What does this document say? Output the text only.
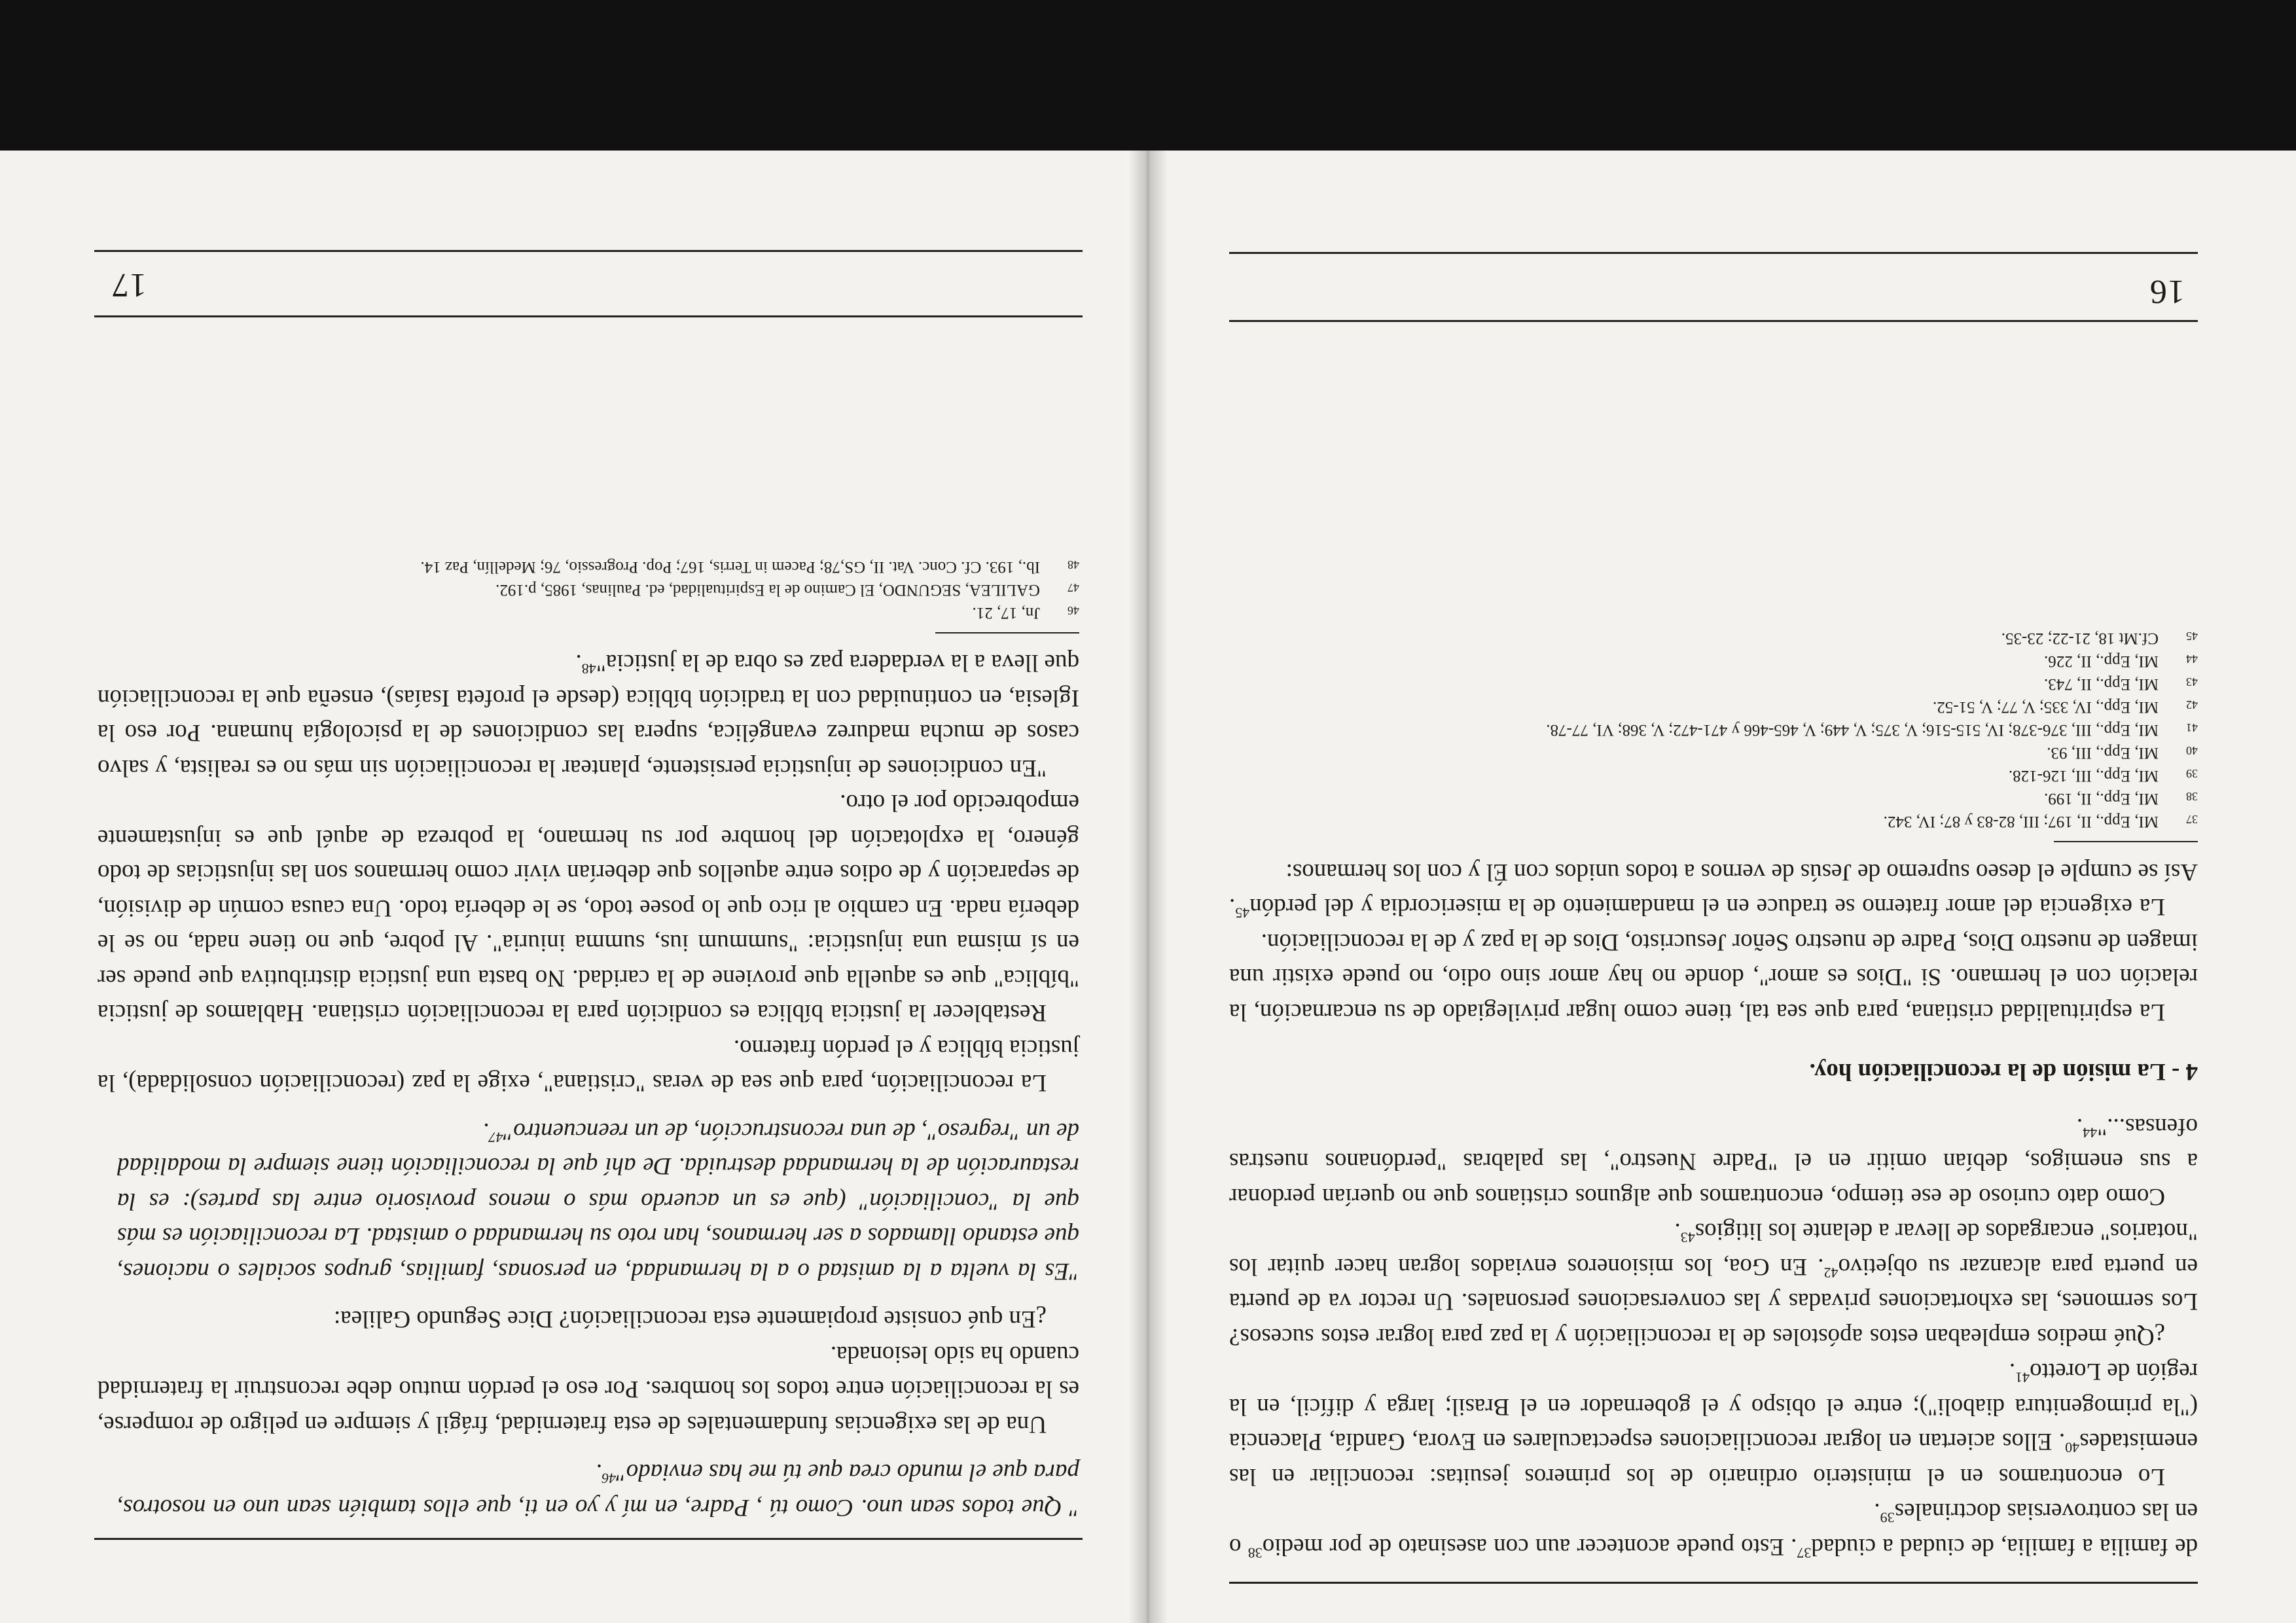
de familia a familia, de ciudad a ciudad$^{37}$. Esto puede acontecer aun con asesinato de por medio$^{38}$ o en las controversias doctrinales$^{39}$.

Lo encontramos en el ministerio ordinario de los primeros jesuitas: reconciliar en las enemistades$^{40}$. Ellos aciertan en lograr reconciliaciones espectaculares en Evora, Gandía, Placencia ("la primogenitura diaboli"); entre el obispo y el gobernador en el Brasil; larga y difícil, en la región de Loretto$^{41}$.

¿Qué medios empleaban estos apóstoles de la reconciliación y la paz para lograr estos sucesos? Los sermones, las exhortaciones privadas y las conversaciones personales. Un rector va de puerta en puerta para alcanzar su objetivo$^{42}$. En Goa, los misioneros enviados logran hacer quitar los "notarios" encargados de llevar a delante los litigios$^{43}$.

Como dato curioso de ese tiempo, encontramos que algunos cristianos que no querían perdonar a sus enemigos, debían omitir en el "Padre Nuestro", las palabras "perdónanos nuestras ofensas..."$^{44}$.

4 - La misión de la reconciliación hoy.

La espiritualidad cristiana, para que sea tal, tiene como lugar privilegiado de su encarnación, la relación con el hermano. Si "Dios es amor", donde no hay amor sino odio, no puede existir una imagen de nuestro Dios, Padre de nuestro Señor Jesucristo, Dios de la paz y de la reconciliación.

La exigencia del amor fraterno se traduce en el mandamiento de la misericordia y del perdón$^{45}$. Así se cumple el deseo supremo de Jesús de vernos a todos unidos con Él y con los hermanos:

37
MI, Epp., II, 197; III, 82-83 y 87; IV, 342.
38
MI, Epp., II, 199.
39
MI, Epp., III, 126-128.
40
MI, Epp., III, 93.
41
MI, Epp., III, 376-378; IV, 515-516; V, 375; V, 449; V, 465-466 y 471-472; V, 368; VI, 77-78.
42
MI, Epp., IV, 335; V, 77; V, 51-52.
43
MI, Epp., II, 743.
44
MI, Epp., II, 226.
45
Cf.Mt 18, 21-22; 23-35.
16

" Que todos sean uno. Como tú , Padre, en mí y yo en ti, que ellos también sean uno en nosotros, para que el mundo crea que tú me has enviado"$^{46}$.

Una de las exigencias fundamentales de esta fraternidad, frágil y siempre en peligro de romperse, es la reconciliación entre todos los hombres. Por eso el perdón mutuo debe reconstruir la fraternidad cuando ha sido lesionada.

¿En qué consiste propiamente esta reconciliación? Dice Segundo Galilea:

"Es la vuelta a la amistad o a la hermandad, en personas, familias, grupos sociales o naciones, que estando llamados a ser hermanos, han roto su hermandad o amistad. La reconciliación es más que la "conciliación" (que es un acuerdo más o menos provisorio entre las partes): es la restauración de la hermandad destruida. De ahí que la reconciliación tiene siempre la modalidad de un "regreso", de una reconstrucción, de un reencuentro"$^{47}$.

La reconciliación, para que sea de veras "cristiana", exige la paz (reconciliación consolidada), la justicia bíblica y el perdón fraterno.

Restablecer la justicia bíblica es condición para la reconciliación cristiana. Hablamos de justicia "bíblica" que es aquella que proviene de la caridad. No basta una justicia distributiva que puede ser en sí misma una injusticia: "summum ius, summa iniuria". Al pobre, que no tiene nada, no se le debería nada. En cambio al rico que lo posee todo, se le debería todo. Una causa común de división, de separación y de odios entre aquellos que deberían vivir como hermanos son las injusticias de todo género, la explotación del hombre por su hermano, la pobreza de aquél que es injustamente empobrecido por el otro.

"En condiciones de injusticia persistente, plantear la reconciliación sin más no es realista, y salvo casos de mucha madurez evangélica, supera las condiciones de la psicología humana. Por eso la Iglesia, en continuidad con la tradición bíblica (desde el profeta Isaías), enseña que la reconciliación que lleva a la verdadera paz es obra de la justicia"$^{48}$.

46
Jn, 17, 21.
47
GALILEA, SEGUNDO, El Camino de la Espiritualidad, ed. Paulinas, 1985, p.192.
48
Ib., 193. Cf. Conc. Vat. II, GS,78; Pacem in Terris, 167; Pop. Progressio, 76; Medellín, Paz 14.
17
